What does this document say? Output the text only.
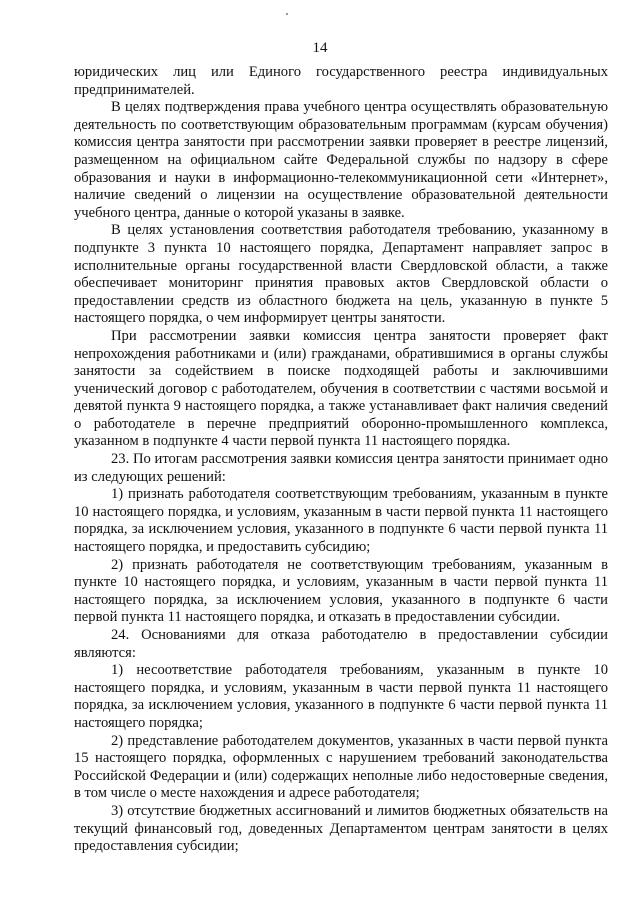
14

юридических лиц или Единого государственного реестра индивидуальных предпринимателей.

В целях подтверждения права учебного центра осуществлять образовательную деятельность по соответствующим образовательным программам (курсам обучения) комиссия центра занятости при рассмотрении заявки проверяет в реестре лицензий, размещенном на официальном сайте Федеральной службы по надзору в сфере образования и науки в информационно-телекоммуникационной сети «Интернет», наличие сведений о лицензии на осуществление образовательной деятельности учебного центра, данные о которой указаны в заявке.

В целях установления соответствия работодателя требованию, указанному в подпункте 3 пункта 10 настоящего порядка, Департамент направляет запрос в исполнительные органы государственной власти Свердловской области, а также обеспечивает мониторинг принятия правовых актов Свердловской области о предоставлении средств из областного бюджета на цель, указанную в пункте 5 настоящего порядка, о чем информирует центры занятости.

При рассмотрении заявки комиссия центра занятости проверяет факт непрохождения работниками и (или) гражданами, обратившимися в органы службы занятости за содействием в поиске подходящей работы и заключившими ученический договор с работодателем, обучения в соответствии с частями восьмой и девятой пункта 9 настоящего порядка, а также устанавливает факт наличия сведений о работодателе в перечне предприятий оборонно-промышленного комплекса, указанном в подпункте 4 части первой пункта 11 настоящего порядка.

23. По итогам рассмотрения заявки комиссия центра занятости принимает одно из следующих решений:

1) признать работодателя соответствующим требованиям, указанным в пункте 10 настоящего порядка, и условиям, указанным в части первой пункта 11 настоящего порядка, за исключением условия, указанного в подпункте 6 части первой пункта 11 настоящего порядка, и предоставить субсидию;

2) признать работодателя не соответствующим требованиям, указанным в пункте 10 настоящего порядка, и условиям, указанным в части первой пункта 11 настоящего порядка, за исключением условия, указанного в подпункте 6 части первой пункта 11 настоящего порядка, и отказать в предоставлении субсидии.

24. Основаниями для отказа работодателю в предоставлении субсидии являются:

1) несоответствие работодателя требованиям, указанным в пункте 10 настоящего порядка, и условиям, указанным в части первой пункта 11 настоящего порядка, за исключением условия, указанного в подпункте 6 части первой пункта 11 настоящего порядка;

2) представление работодателем документов, указанных в части первой пункта 15 настоящего порядка, оформленных с нарушением требований законодательства Российской Федерации и (или) содержащих неполные либо недостоверные сведения, в том числе о месте нахождения и адресе работодателя;

3) отсутствие бюджетных ассигнований и лимитов бюджетных обязательств на текущий финансовый год, доведенных Департаментом центрам занятости в целях предоставления субсидии;
